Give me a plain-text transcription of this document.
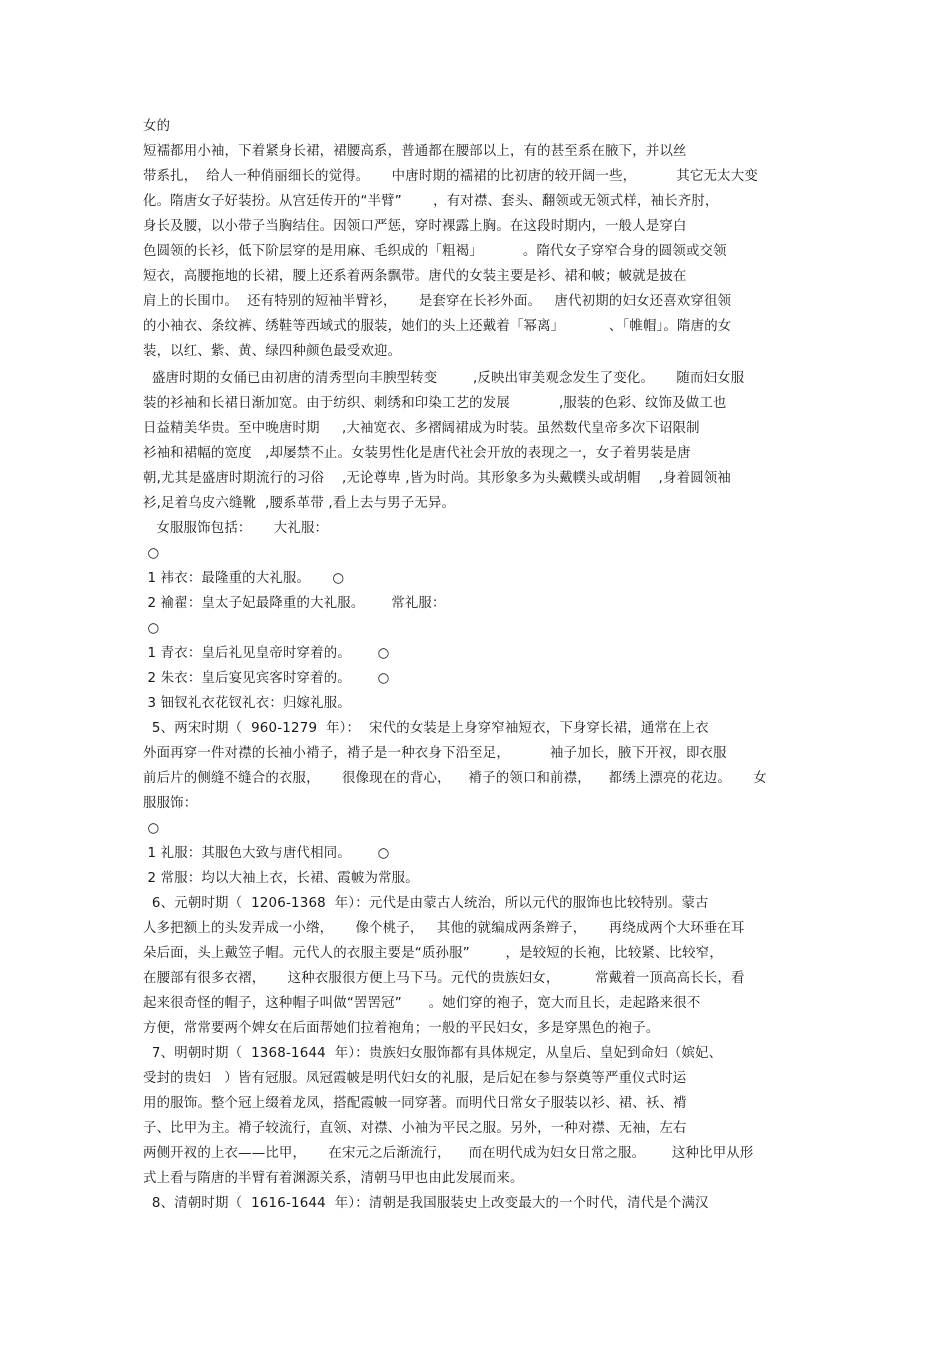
女的
短襦都用小袖，下着紧身长裙，裙腰高系，普通都在腰部以上，有的甚至系在腋下，并以丝
带系扎，  给人一种俏丽细长的觉得。     中唐时期的襦裙的比初唐的较开阔一些，         其它无太大变
化。隋唐女子好装扮。从宫廷传开的“半臂”       ，有对襟、套头、翻领或无领式样，袖长齐肘，
身长及腰，以小带子当胸结住。因领口严惩，穿时裸露上胸。在这段时期内，一般人是穿白
色圆领的长衫，低下阶层穿的是用麻、毛织成的「粗褐」         。隋代女子穿窄合身的圆领或交领
短衣，高腰拖地的长裙，腰上还系着两条飘带。唐代的女装主要是衫、裙和帔；帔就是披在
肩上的长围巾。  还有特别的短袖半臂衫，     是套穿在长衫外面。   唐代初期的妇女还喜欢穿徂领
的小袖衣、条纹裤、绣鞋等西域式的服装，她们的头上还戴着「幂离」          、「帷帽」。隋唐的女
装，以红、紫、黄、绿四种颜色最受欢迎。
盛唐时期的女俑已由初唐的清秀型向丰腴型转变        ,反映出审美观念发生了变化。     随而妇女服
装的衫袖和长裙日渐加宽。由于纺织、刺绣和印染工艺的发展           ,服装的色彩、纹饰及做工也
日益精美华贵。至中晚唐时期     ,大袖宽衣、多褶阔裙成为时装。虽然数代皇帝多次下诏限制
衫袖和裙幅的宽度   ,却屡禁不止。女装男性化是唐代社会开放的表现之一，女子着男装是唐
朝,尤其是盛唐时期流行的习俗    ,无论尊卑 ,皆为时尚。其形象多为头戴幞头或胡帽    ,身着圆领袖
衫,足着乌皮六缝靴  ,腰系革带 ,看上去与男子无异。
女服服饰包括：     大礼服：
○
1 袆衣：最隆重的大礼服。     ○
2 褕翟：皇太子妃最降重的大礼服。      常礼服：
○
1 青衣：皇后礼见皇帝时穿着的。      ○
2 朱衣：皇后宴见宾客时穿着的。      ○
3 钿钗礼衣花钗礼衣：归嫁礼服。
5、两宋时期（  960-1279  年）：  宋代的女装是上身穿窄袖短衣，下身穿长裙，通常在上衣
外面再穿一件对襟的长袖小褙子，褙子是一种衣身下沿至足，         袖子加长，腋下开衩，即衣服
前后片的侧缝不缝合的衣服，     很像现在的背心，    褙子的领口和前襟，    都绣上漂亮的花边。     女
服服饰：
○
1 礼服：其服色大致与唐代相同。      ○
2 常服：均以大袖上衣，长裙、霞帔为常服。
6、元朝时期（  1206-1368  年）：元代是由蒙古人统治，所以元代的服饰也比较特别。蒙古
人多把额上的头发弄成一小绺，     像个桃子，   其他的就编成两条辫子，     再绕成两个大环垂在耳
朵后面，头上戴笠子帽。元代人的衣服主要是“质孙服”        ，是较短的长袍，比较紧、比较窄，
在腰部有很多衣褶，     这种衣服很方便上马下马。元代的贵族妇女，        常戴着一顶高高长长，看
起来很奇怪的帽子，这种帽子叫做“罟罟冠”      。她们穿的袍子，宽大而且长，走起路来很不
方便，常常要两个婢女在后面帮她们拉着袍角；一般的平民妇女，多是穿黑色的袍子。
7、明朝时期（  1368-1644  年）：贵族妇女服饰都有具体规定，从皇后、皇妃到命妇（嫔妃、
受封的贵妇   ）皆有冠服。凤冠霞帔是明代妇女的礼服，是后妃在参与祭奠等严重仪式时运
用的服饰。整个冠上缀着龙凤，搭配霞帔一同穿著。而明代日常女子服装以衫、裙、袄、褙
子、比甲为主。褙子较流行，直领、对襟、小袖为平民之服。另外，一种对襟、无袖，左右
两侧开衩的上衣——比甲，     在宋元之后渐流行，    而在明代成为妇女日常之服。      这种比甲从形
式上看与隋唐的半臂有着渊源关系，清朝马甲也由此发展而来。
8、清朝时期（  1616-1644  年）：清朝是我国服装史上改变最大的一个时代，清代是个满汉
